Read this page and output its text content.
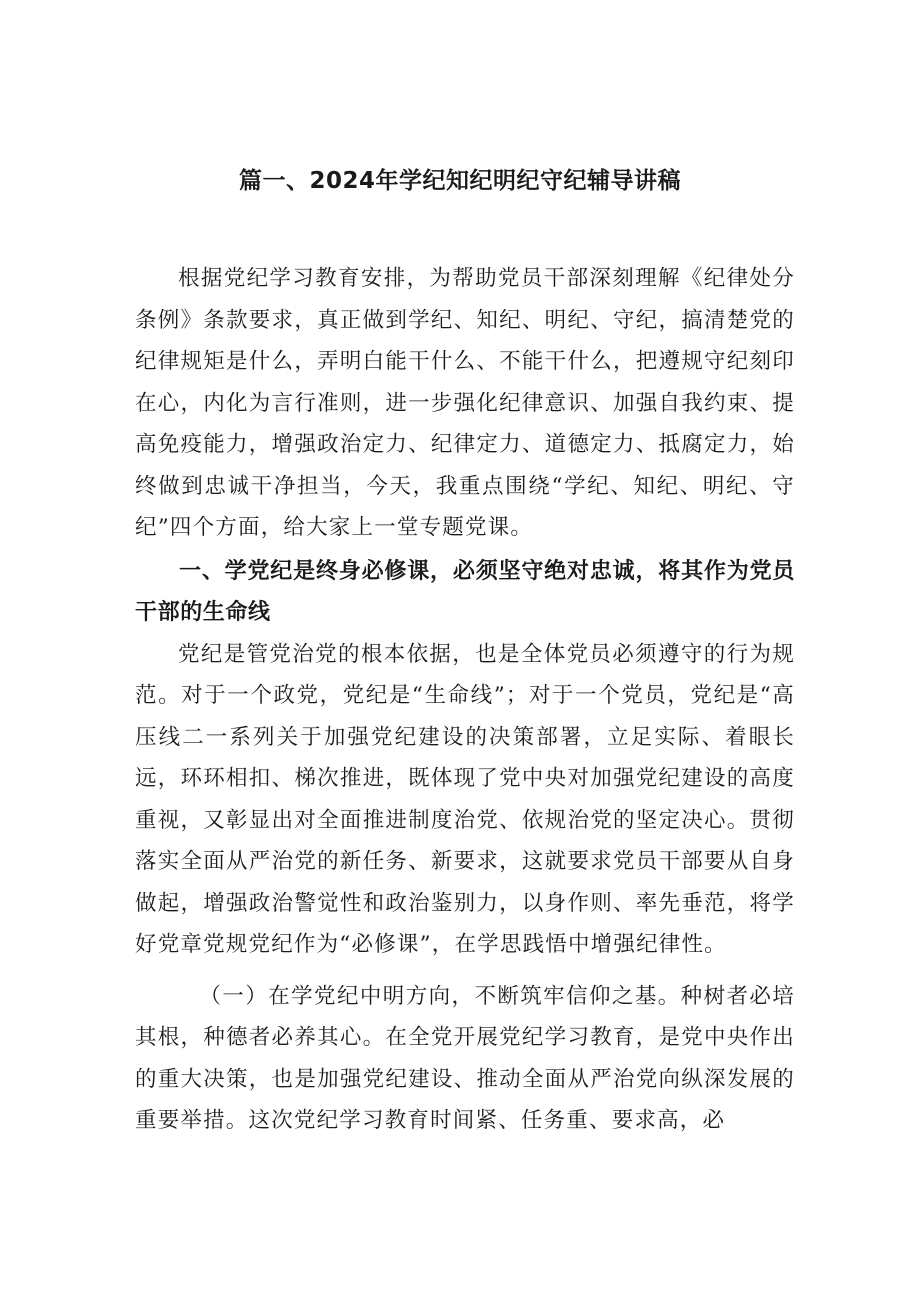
篇一、2024年学纪知纪明纪守纪辅导讲稿

根据党纪学习教育安排，为帮助党员干部深刻理解《纪律处分条例》条款要求，真正做到学纪、知纪、明纪、守纪，搞清楚党的纪律规矩是什么，弄明白能干什么、不能干什么，把遵规守纪刻印在心，内化为言行准则，进一步强化纪律意识、加强自我约束、提高免疫能力，增强政治定力、纪律定力、道德定力、抵腐定力，始终做到忠诚干净担当，今天，我重点围绕“学纪、知纪、明纪、守纪”四个方面，给大家上一堂专题党课。

一、学党纪是终身必修课，必须坚守绝对忠诚，将其作为党员干部的生命线

党纪是管党治党的根本依据，也是全体党员必须遵守的行为规范。对于一个政党，党纪是“生命线”；对于一个党员，党纪是“高压线二一系列关于加强党纪建设的决策部署，立足实际、着眼长远，环环相扣、梯次推进，既体现了党中央对加强党纪建设的高度重视，又彰显出对全面推进制度治党、依规治党的坚定决心。贯彻落实全面从严治党的新任务、新要求，这就要求党员干部要从自身做起，增强政治警觉性和政治鉴别力，以身作则、率先垂范，将学好党章党规党纪作为“必修课”，在学思践悟中增强纪律性。

（一）在学党纪中明方向，不断筑牢信仰之基。种树者必培其根，种德者必养其心。在全党开展党纪学习教育，是党中央作出的重大决策，也是加强党纪建设、推动全面从严治党向纵深发展的重要举措。这次党纪学习教育时间紧、任务重、要求高，必
